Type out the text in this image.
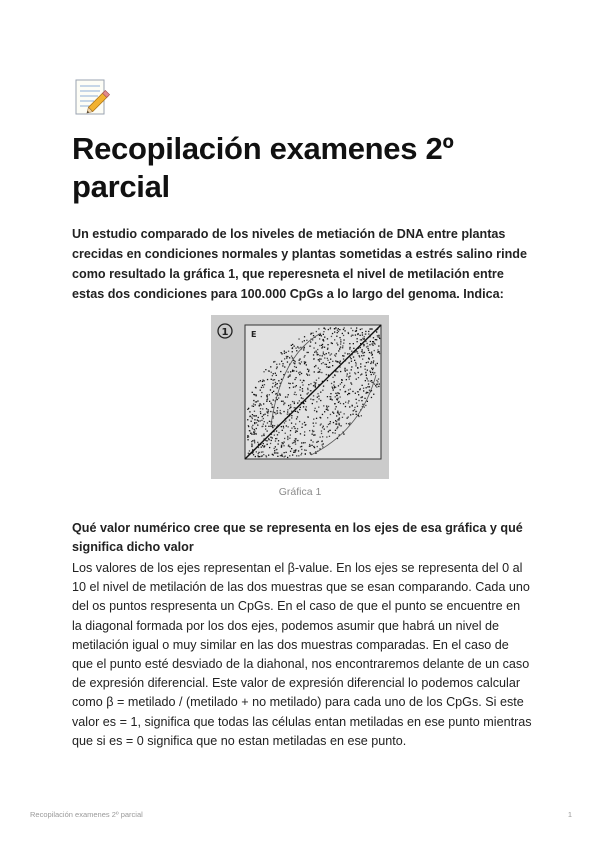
Recopilación examenes 2º parcial

Un estudio comparado de los niveles de metiación de DNA entre plantas crecidas en condiciones normales y plantas sometidas a estrés salino rinde como resultado la gráfica 1, que reperesneta el nivel de metilación entre estas dos condiciones para 100.000 CpGs a lo largo del genoma. Indica:

1	E
Gráfica 1

Qué valor numérico cree que se representa en los ejes de esa gráfica y qué significa dicho valor

Los valores de los ejes representan el β-value. En los ejes se representa del 0 al 10 el nivel de metilación de las dos muestras que se esan comparando. Cada uno del os puntos respresenta un CpGs. En el caso de que el punto se encuentre en la diagonal formada por los dos ejes, podemos asumir que habrá un nivel de metilación igual o muy similar en las dos muestras comparadas. En el caso de que el punto esté desviado de la diahonal, nos encontraremos delante de un caso de expresión diferencial. Este valor de expresión diferencial lo podemos calcular como β = metilado / (metilado + no metilado) para cada uno de los CpGs. Si este valor es = 1, significa que todas las células entan metiladas en ese punto mientras que si es = 0 significa que no estan metiladas en ese punto.

Recopilación examenes 2º parcial	1
